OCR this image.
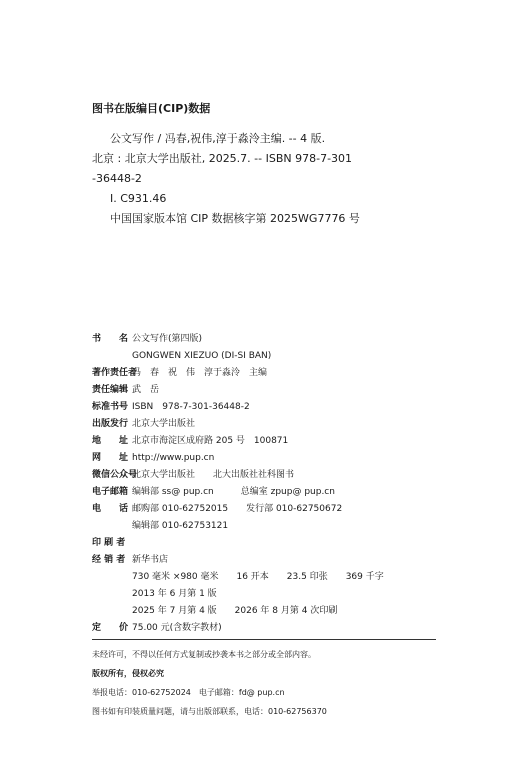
图书在版编目(CIP)数据
公文写作 / 冯春,祝伟,淳于淼泠主编. -- 4 版.
北京 : 北京大学出版社, 2025.7. -- ISBN 978-7-301
-36448-2
Ⅰ. C931.46
中国国家版本馆 CIP 数据核字第 2025WG7776 号
书　　名 公文写作(第四版)
GONGWEN XIEZUO (DI-SI BAN)
著作责任者
冯　春　祝　伟　淳于淼泠　主编
责任编辑 武　岳
标准书号 ISBN　978-7-301-36448-2
出版发行 北京大学出版社
地　　址 北京市海淀区成府路 205 号　100871
网　　址 http://www.pup.cn
微信公众号
北京大学出版社　　北大出版社社科图书
电子邮箱 编辑部 ss@ pup.cn　　　总编室 zpup@ pup.cn
电　　话 邮购部 010-62752015　　发行部 010-62750672
编辑部 010-62753121
印 刷 者
经 销 者 新华书店
730 毫米 ×980 毫米　　16 开本　　23.5 印张　　369 千字
2013 年 6 月第 1 版
2025 年 7 月第 4 版　　2026 年 8 月第 4 次印刷
定　　价 75.00 元(含数字教材)
未经许可，不得以任何方式复制或抄袭本书之部分或全部内容。
版权所有，侵权必究
举报电话：010-62752024　电子邮箱：fd@ pup.cn
图书如有印装质量问题，请与出版部联系，电话：010-62756370
